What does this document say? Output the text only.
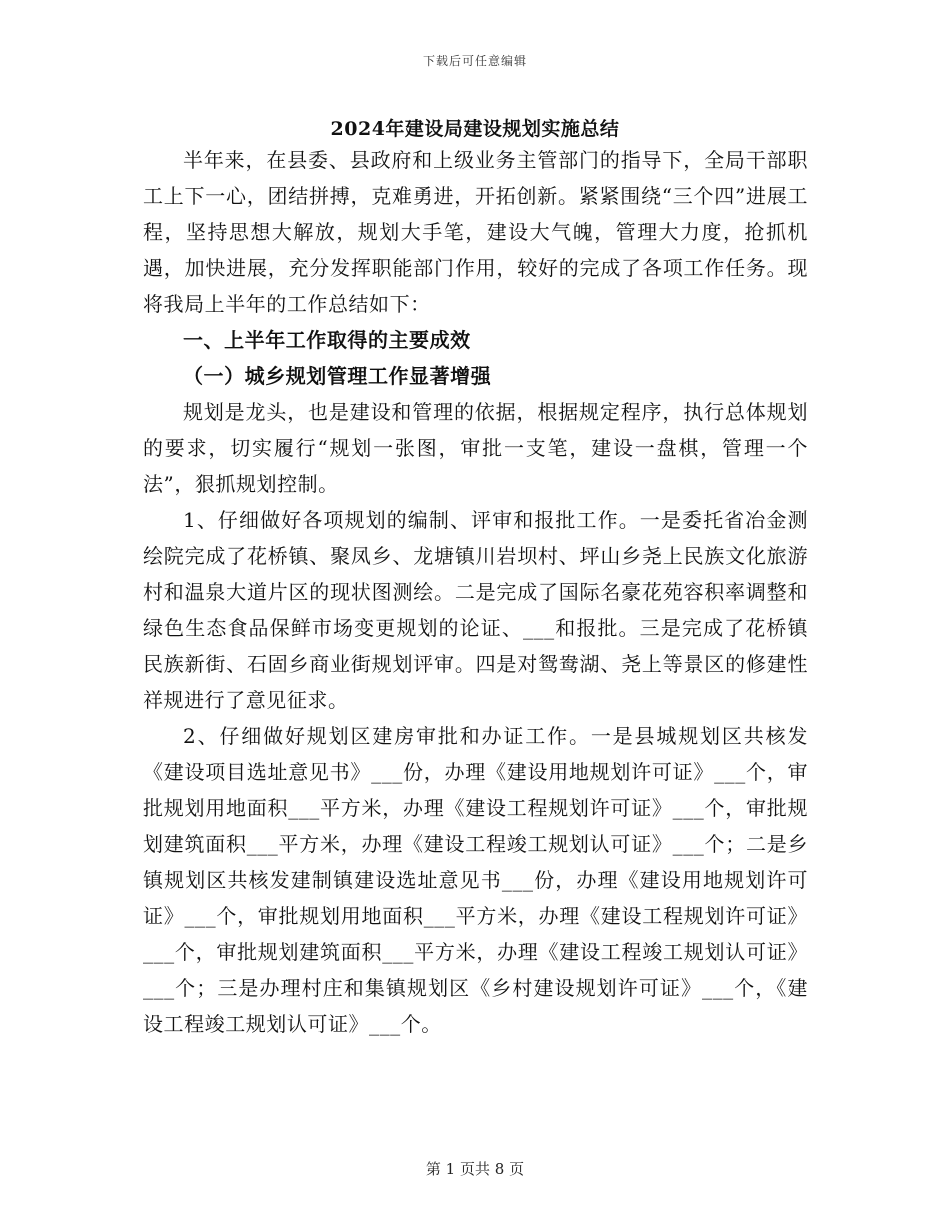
下载后可任意编辑
2024年建设局建设规划实施总结

半年来，在县委、县政府和上级业务主管部门的指导下，全局干部职工上下一心，团结拼搏，克难勇进，开拓创新。紧紧围绕“三个四”进展工程，坚持思想大解放，规划大手笔，建设大气魄，管理大力度，抢抓机遇，加快进展，充分发挥职能部门作用，较好的完成了各项工作任务。现将我局上半年的工作总结如下：

一、上半年工作取得的主要成效

（一）城乡规划管理工作显著增强

规划是龙头，也是建设和管理的依据，根据规定程序，执行总体规划的要求，切实履行“规划一张图，审批一支笔，建设一盘棋，管理一个法”，狠抓规划控制。

1、仔细做好各项规划的编制、评审和报批工作。一是委托省冶金测绘院完成了花桥镇、聚凤乡、龙塘镇川岩坝村、坪山乡尧上民族文化旅游村和温泉大道片区的现状图测绘。二是完成了国际名豪花苑容积率调整和绿色生态食品保鲜市场变更规划的论证、___和报批。三是完成了花桥镇民族新街、石固乡商业街规划评审。四是对鸳鸯湖、尧上等景区的修建性祥规进行了意见征求。

2、仔细做好规划区建房审批和办证工作。一是县城规划区共核发《建设项目选址意见书》___份，办理《建设用地规划许可证》___个，审批规划用地面积___平方米，办理《建设工程规划许可证》___个，审批规划建筑面积___平方米，办理《建设工程竣工规划认可证》___个；二是乡镇规划区共核发建制镇建设选址意见书___份，办理《建设用地规划许可证》___个，审批规划用地面积___平方米，办理《建设工程规划许可证》___个，审批规划建筑面积___平方米，办理《建设工程竣工规划认可证》___个；三是办理村庄和集镇规划区《乡村建设规划许可证》___个，《建设工程竣工规划认可证》___个。

第 1 页共 8 页
